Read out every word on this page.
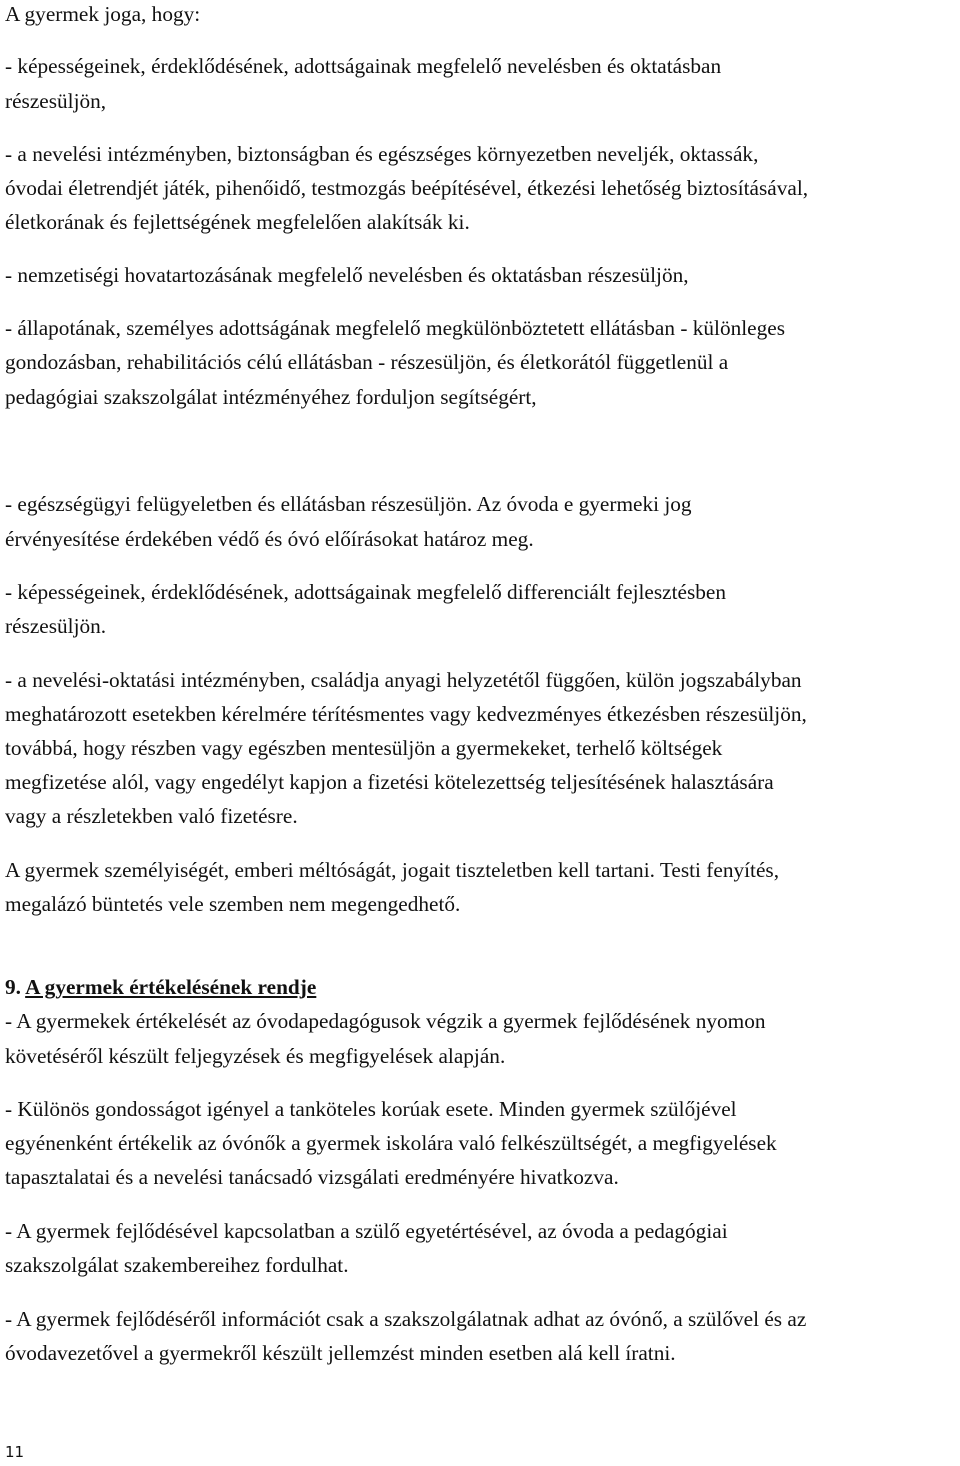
A gyermek joga, hogy:
- képességeinek, érdeklődésének, adottságainak megfelelő nevelésben és oktatásban
részesüljön,
- a nevelési intézményben, biztonságban és egészséges környezetben neveljék, oktassák,
óvodai életrendjét játék, pihenőidő, testmozgás beépítésével, étkezési lehetőség biztosításával,
életkorának és fejlettségének megfelelően alakítsák ki.
- nemzetiségi hovatartozásának megfelelő nevelésben és oktatásban részesüljön,
- állapotának, személyes adottságának megfelelő megkülönböztetett ellátásban - különleges
gondozásban, rehabilitációs célú ellátásban - részesüljön, és életkorától függetlenül a
pedagógiai szakszolgálat intézményéhez forduljon segítségért,
- egészségügyi felügyeletben és ellátásban részesüljön. Az óvoda e gyermeki jog
érvényesítése érdekében védő és óvó előírásokat határoz meg.
- képességeinek, érdeklődésének, adottságainak megfelelő differenciált fejlesztésben
részesüljön.
- a nevelési-oktatási intézményben, családja anyagi helyzetétől függően, külön jogszabályban
meghatározott esetekben kérelmére térítésmentes vagy kedvezményes étkezésben részesüljön,
továbbá, hogy részben vagy egészben mentesüljön a gyermekeket, terhelő költségek
megfizetése alól, vagy engedélyt kapjon a fizetési kötelezettség teljesítésének halasztására
vagy a részletekben való fizetésre.
A gyermek személyiségét, emberi méltóságát, jogait tiszteletben kell tartani. Testi fenyítés,
megalázó büntetés vele szemben nem megengedhető.
9. A gyermek értékelésének rendje
- A gyermekek értékelését az óvodapedagógusok végzik a gyermek fejlődésének nyomon
követéséről készült feljegyzések és megfigyelések alapján.
- Különös gondosságot igényel a tanköteles korúak esete. Minden gyermek szülőjével
egyénenként értékelik az óvónők a gyermek iskolára való felkészültségét, a megfigyelések
tapasztalatai és a nevelési tanácsadó vizsgálati eredményére hivatkozva.
- A gyermek fejlődésével kapcsolatban a szülő egyetértésével, az óvoda a pedagógiai
szakszolgálat szakembereihez fordulhat.
- A gyermek fejlődéséről információt csak a szakszolgálatnak adhat az óvónő, a szülővel és az
óvodavezetővel a gyermekről készült jellemzést minden esetben alá kell íratni.
11
